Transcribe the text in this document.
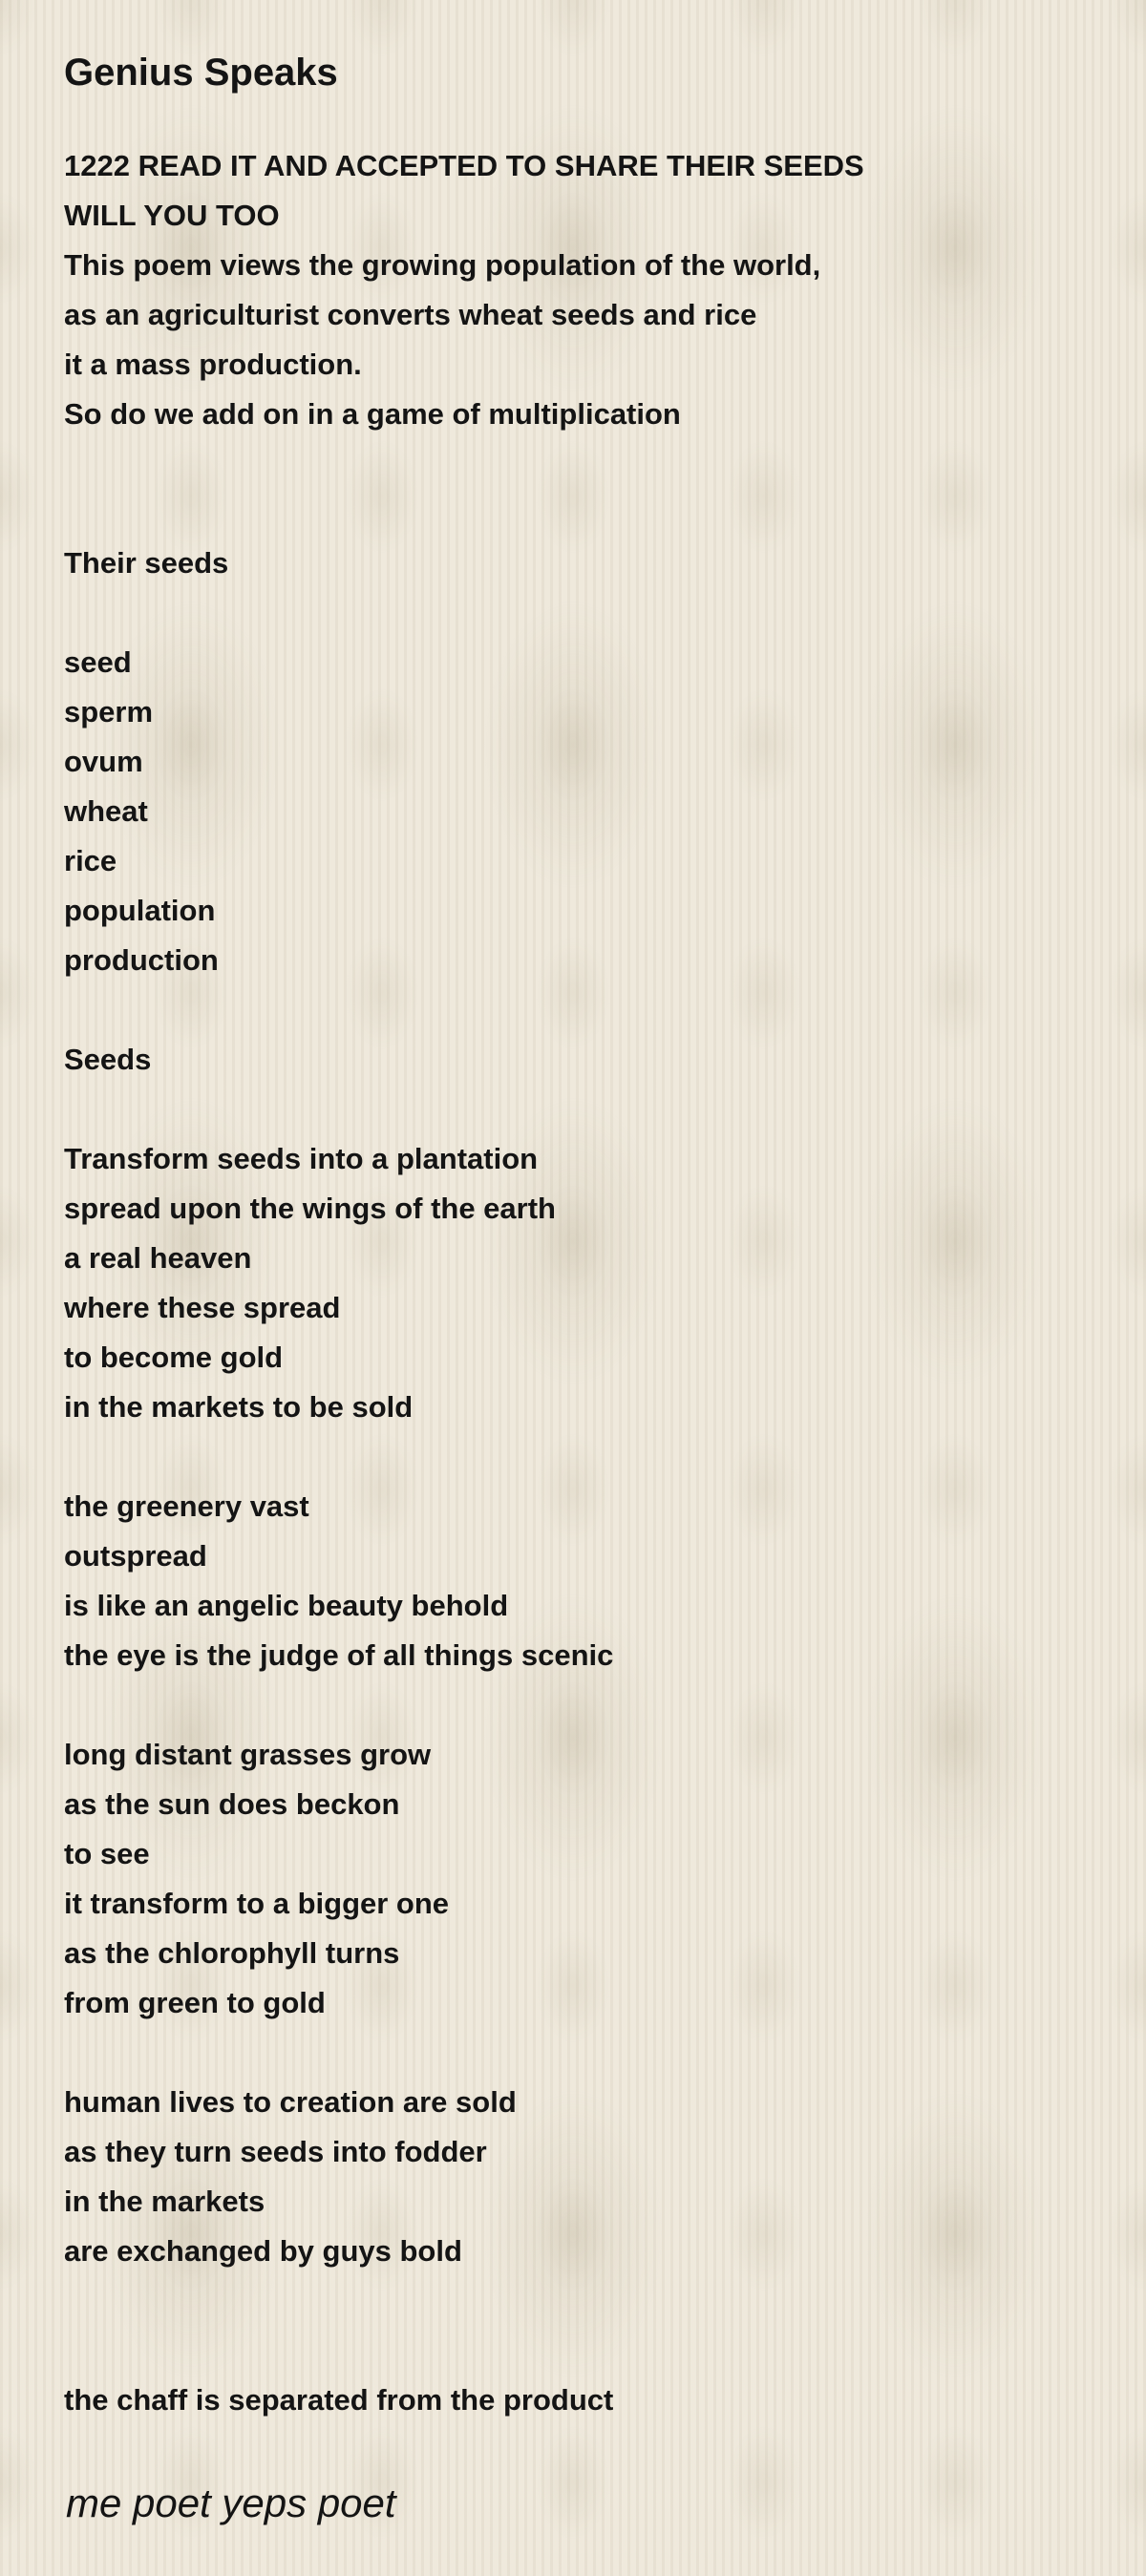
Genius Speaks
1222 READ IT AND ACCEPTED TO SHARE THEIR SEEDS
WILL YOU TOO
This poem views the growing population of the world,
as an agriculturist converts wheat seeds and rice
it a mass production.
So do we add on in a game of multiplication
Their seeds
seed
sperm
ovum
wheat
rice
population
production
Seeds
Transform seeds into a plantation
spread upon the wings of the earth
a real heaven
where these spread
to become gold
in the markets to be sold
the greenery vast
outspread
is like an angelic beauty behold
the eye is the judge of all things scenic
long distant grasses grow
as the sun does beckon
to see
it transform to a bigger one
as the chlorophyll turns
from green to gold
human lives to creation are sold
as they turn seeds into fodder
in the markets
are exchanged by guys bold
the chaff is separated from the product
me poet yeps poet
